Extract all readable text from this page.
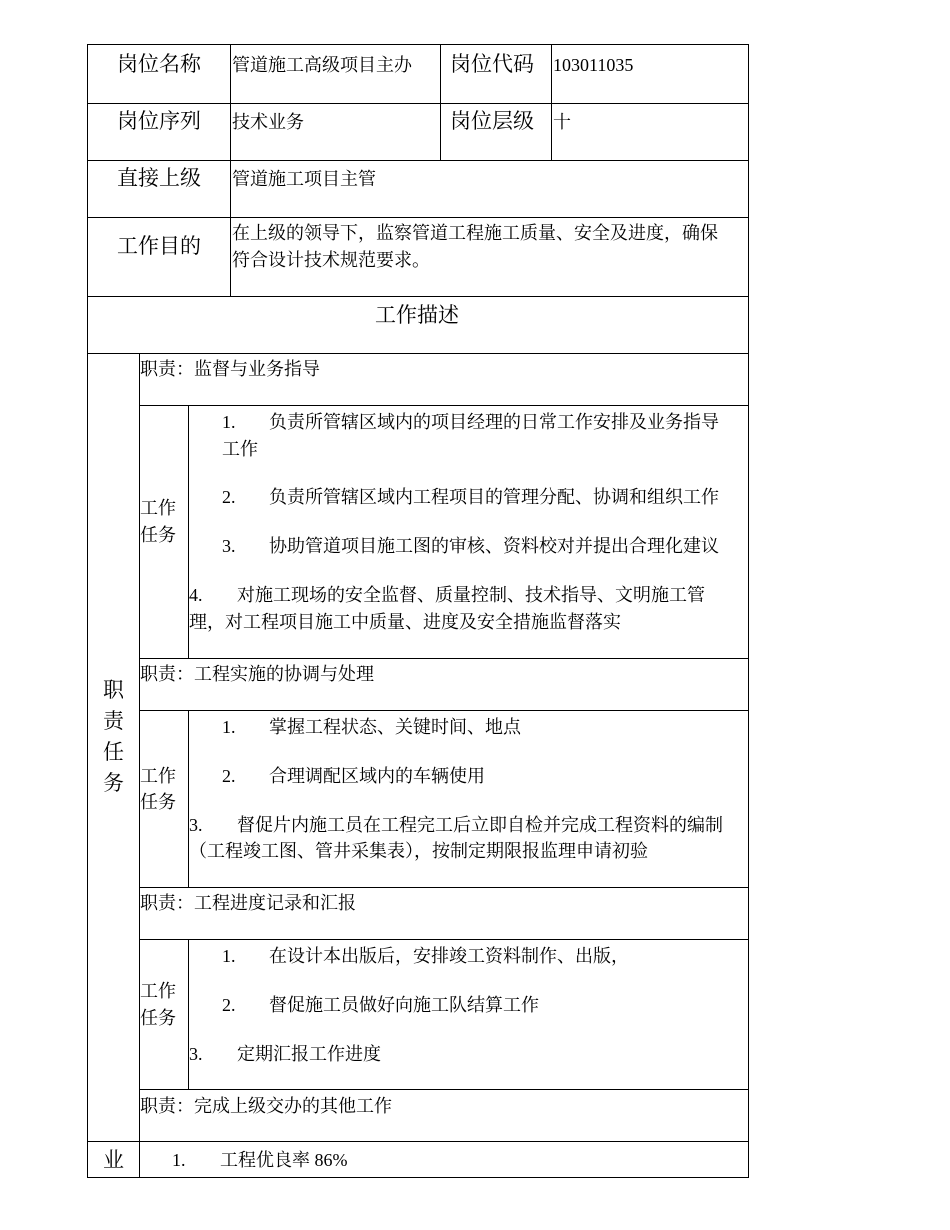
岗位名称 管道施工高级项目主办 岗位代码 103011035
岗位序列 技术业务	岗位层级 十
直接上级 管道施工项目主管
工作目的
在上级的领导下，监察管道工程施工质量、安全及进度，确保
符合设计技术规范要求。
工作描述
职
责
任
务
职责：监督与业务指导
工作
任务
1. 负责所管辖区域内的项目经理的日常工作安排及业务指导
工作
2. 负责所管辖区域内工程项目的管理分配、协调和组织工作
3. 协助管道项目施工图的审核、资料校对并提出合理化建议
4. 对施工现场的安全监督、质量控制、技术指导、文明施工管
理，对工程项目施工中质量、进度及安全措施监督落实
职责：工程实施的协调与处理
工作
任务
1. 掌握工程状态、关键时间、地点
2. 合理调配区域内的车辆使用
3. 督促片内施工员在工程完工后立即自检并完成工程资料的编制
（工程竣工图、管井采集表），按制定期限报监理申请初验
职责：工程进度记录和汇报
工作
任务
1. 在设计本出版后，安排竣工资料制作、出版，
2. 督促施工员做好向施工队结算工作
3. 定期汇报工作进度
职责：完成上级交办的其他工作
业	1. 工程优良率 86%
